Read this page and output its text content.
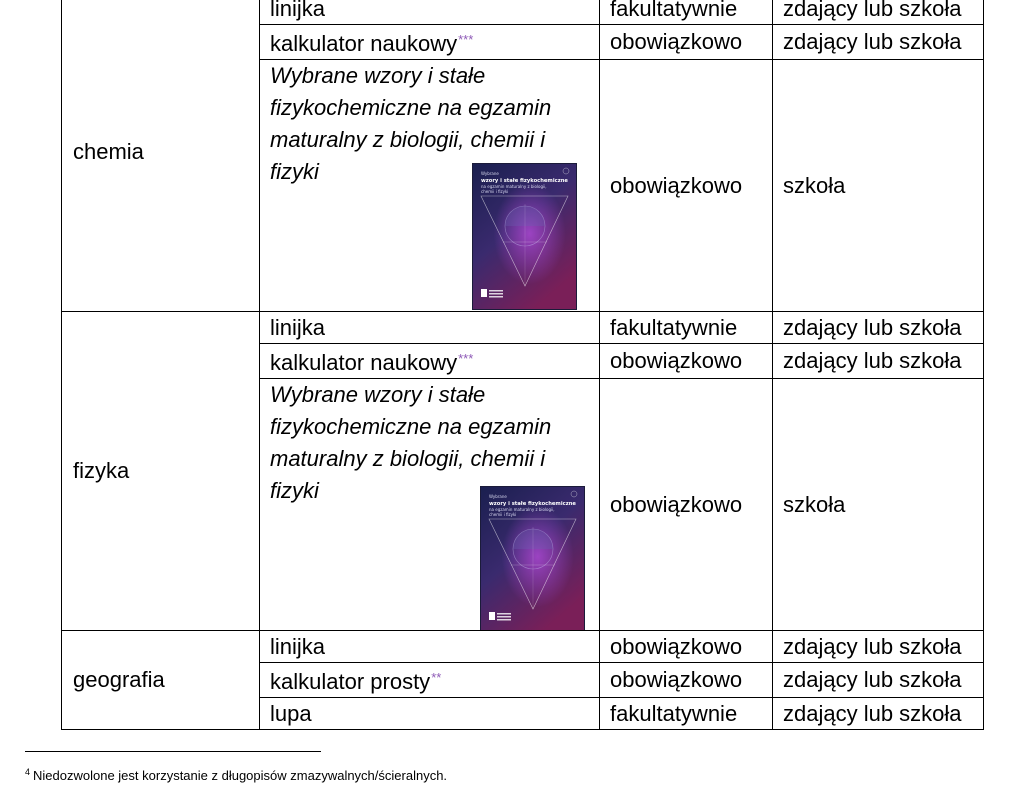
chemia	linijka	fakultatywnie	zdający lub szkoła
	kalkulator naukowy***	obowiązkowo	zdający lub szkoła

	Wybrane wzory i stałe fizykochemiczne na egzamin maturalny z biologii, chemii i fizyki Wybrane
wzory i stałe fizykochemiczne
na egzamin maturalny z biologii,
chemii i fizyki	obowiązkowo	szkoła
fizyka	linijka	fakultatywnie	zdający lub szkoła
	kalkulator naukowy***	obowiązkowo	zdający lub szkoła

	Wybrane wzory i stałe fizykochemiczne na egzamin maturalny z biologii, chemii i fizyki Wybrane
wzory i stałe fizykochemiczne
na egzamin maturalny z biologii,
chemii i fizyki	obowiązkowo	szkoła
geografia	linijka	obowiązkowo	zdający lub szkoła
	kalkulator prosty**	obowiązkowo	zdający lub szkoła
	lupa	fakultatywnie	zdający lub szkoła
$^4$ Niedozwolone jest korzystanie z długopisów zmazywalnych/ścieralnych.
